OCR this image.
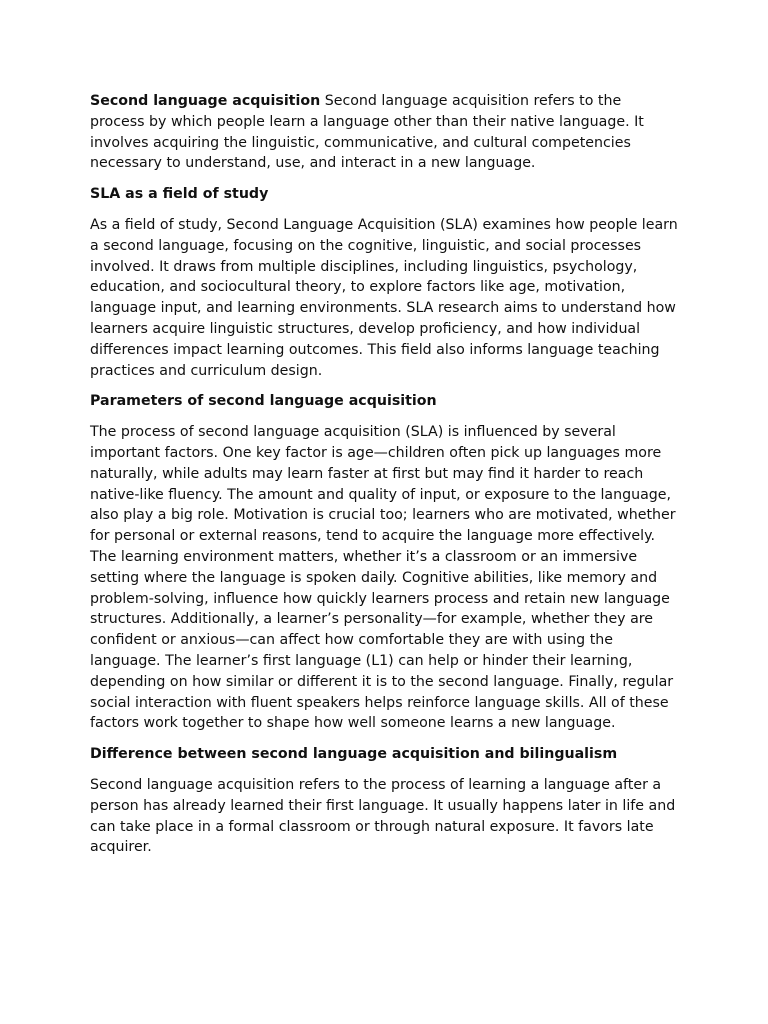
Second language acquisition Second language acquisition refers to the process by which people learn a language other than their native language. It involves acquiring the linguistic, communicative, and cultural competencies necessary to understand, use, and interact in a new language.

SLA as a field of study

As a field of study, Second Language Acquisition (SLA) examines how people learn a second language, focusing on the cognitive, linguistic, and social processes involved. It draws from multiple disciplines, including linguistics, psychology, education, and sociocultural theory, to explore factors like age, motivation, language input, and learning environments. SLA research aims to understand how learners acquire linguistic structures, develop proficiency, and how individual differences impact learning outcomes. This field also informs language teaching practices and curriculum design.

Parameters of second language acquisition

The process of second language acquisition (SLA) is influenced by several important factors. One key factor is age—children often pick up languages more naturally, while adults may learn faster at first but may find it harder to reach native-like fluency. The amount and quality of input, or exposure to the language, also play a big role. Motivation is crucial too; learners who are motivated, whether for personal or external reasons, tend to acquire the language more effectively. The learning environment matters, whether it’s a classroom or an immersive setting where the language is spoken daily. Cognitive abilities, like memory and problem-solving, influence how quickly learners process and retain new language structures. Additionally, a learner’s personality—for example, whether they are confident or anxious—can affect how comfortable they are with using the language. The learner’s first language (L1) can help or hinder their learning, depending on how similar or different it is to the second language. Finally, regular social interaction with fluent speakers helps reinforce language skills. All of these factors work together to shape how well someone learns a new language.

Difference between second language acquisition and bilingualism

Second language acquisition refers to the process of learning a language after a person has already learned their first language. It usually happens later in life and can take place in a formal classroom or through natural exposure. It favors late acquirer.
